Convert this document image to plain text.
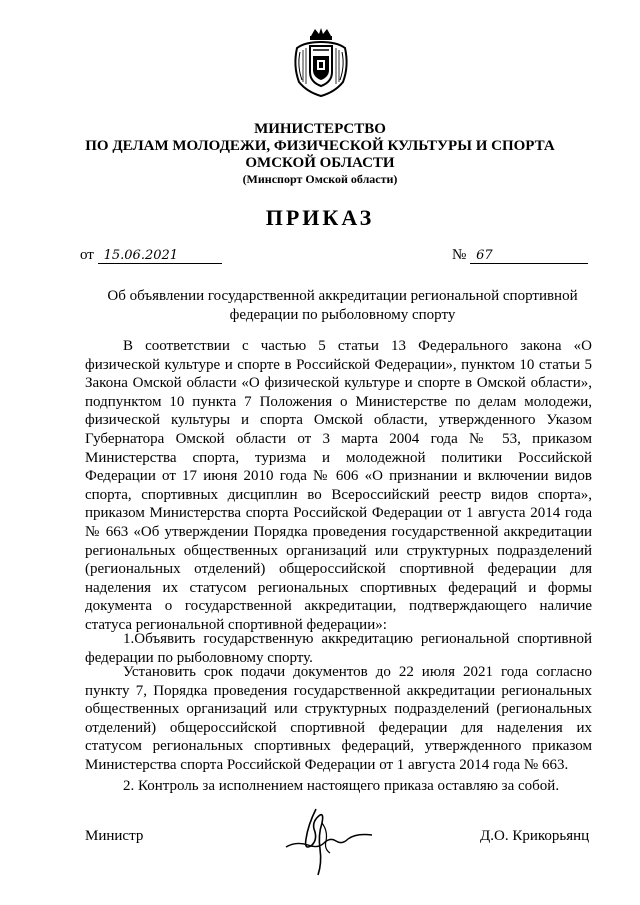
МИНИСТЕРСТВО
ПО ДЕЛАМ МОЛОДЕЖИ, ФИЗИЧЕСКОЙ КУЛЬТУРЫ И СПОРТА
ОМСКОЙ ОБЛАСТИ
(Минспорт Омской области)
ПРИКАЗ
от 15.06.2021	№ 67
Об объявлении государственной аккредитации региональной спортивной федерации по рыболовному спорту

В соответствии с частью 5 статьи 13 Федерального закона «О физической культуре и спорте в Российской Федерации», пунктом 10 статьи 5 Закона Омской области «О физической культуре и спорте в Омской области», подпунктом 10 пункта 7 Положения о Министерстве по делам молодежи, физической культуры и спорта Омской области, утвержденного Указом Губернатора Омской области от 3 марта 2004 года № 53, приказом Министерства спорта, туризма и молодежной политики Российской Федерации от 17 июня 2010 года № 606 «О признании и включении видов спорта, спортивных дисциплин во Всероссийский реестр видов спорта», приказом Министерства спорта Российской Федерации от 1 августа 2014 года № 663 «Об утверждении Порядка проведения государственной аккредитации региональных общественных организаций или структурных подразделений (региональных отделений) общероссийской спортивной федерации для наделения их статусом региональных спортивных федераций и формы документа о государственной аккредитации, подтверждающего наличие статуса региональной спортивной федерации»:

1.Объявить государственную аккредитацию региональной спортивной федерации по рыболовному спорту.

Установить срок подачи документов до 22 июля 2021 года согласно пункту 7, Порядка проведения государственной аккредитации региональных общественных организаций или структурных подразделений (региональных отделений) общероссийской спортивной федерации для наделения их статусом региональных спортивных федераций, утвержденного приказом Министерства спорта Российской Федерации от 1 августа 2014 года № 663.

2. Контроль за исполнением настоящего приказа оставляю за собой.

Министр	Д.О. Крикорьянц
